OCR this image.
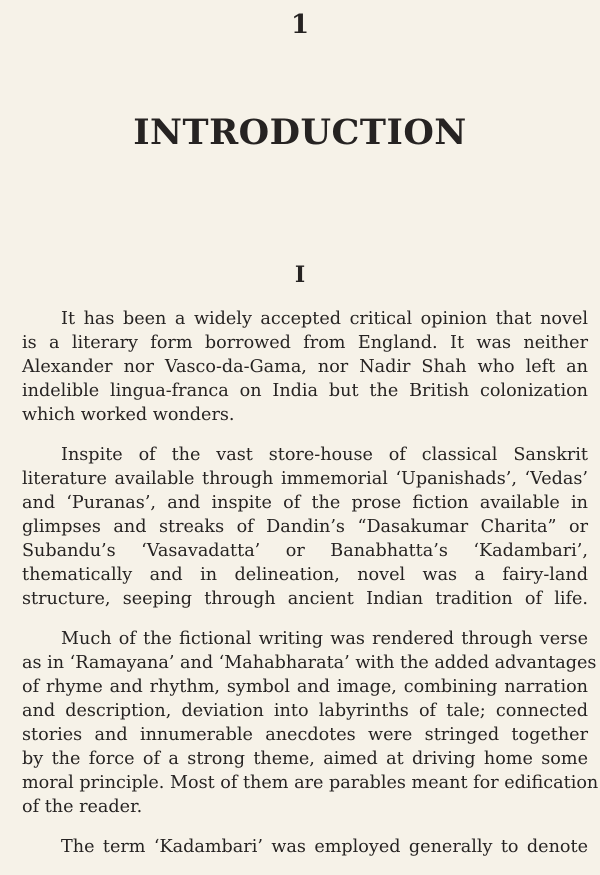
1
INTRODUCTION
I
It has been a widely accepted critical opinion that novel
is a literary form borrowed from England. It was neither
Alexander nor Vasco-da-Gama, nor Nadir Shah who left an
indelible lingua-franca on India but the British colonization
which worked wonders.
Inspite of the vast store-house of classical Sanskrit
literature available through immemorial ‘Upanishads’, ‘Vedas’
and ‘Puranas’, and inspite of the prose fiction available in
glimpses and streaks of Dandin’s “Dasakumar Charita” or
Subandu’s ‘Vasavadatta’ or Banabhatta’s ‘Kadambari’,
thematically and in delineation, novel was a fairy-land
structure, seeping through ancient Indian tradition of life.
Much of the fictional writing was rendered through verse
as in ‘Ramayana’ and ‘Mahabharata’ with the added advantages
of rhyme and rhythm, symbol and image, combining narration
and description, deviation into labyrinths of tale; connected
stories and innumerable anecdotes were stringed together
by the force of a strong theme, aimed at driving home some
moral principle. Most of them are parables meant for edification
of the reader.
The term ‘Kadambari’ was employed generally to denote
